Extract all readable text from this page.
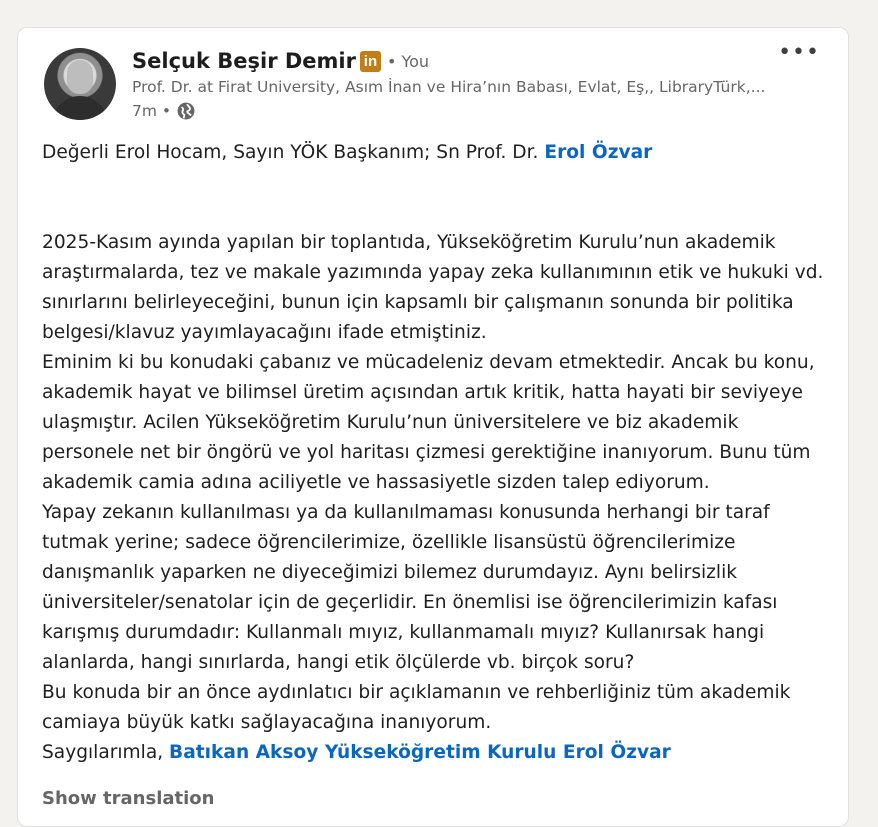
Selçuk Beşir Demir in • You
Prof. Dr. at Firat University, Asım İnan ve Hira’nın Babası, Evlat, Eş,, LibraryTürk,...
7m •
•••

Değerli Erol Hocam, Sayın YÖK Başkanım; Sn Prof. Dr. Erol Özvar

2025-Kasım ayında yapılan bir toplantıda, Yükseköğretim Kurulu’nun akademik araştırmalarda, tez ve makale yazımında yapay zeka kullanımının etik ve hukuki vd. sınırlarını belirleyeceğini, bunun için kapsamlı bir çalışmanın sonunda bir politika belgesi/klavuz yayımlayacağını ifade etmiştiniz.

Eminim ki bu konudaki çabanız ve mücadeleniz devam etmektedir. Ancak bu konu, akademik hayat ve bilimsel üretim açısından artık kritik, hatta hayati bir seviyeye ulaşmıştır. Acilen Yükseköğretim Kurulu’nun üniversitelere ve biz akademik personele net bir öngörü ve yol haritası çizmesi gerektiğine inanıyorum. Bunu tüm akademik camia adına aciliyetle ve hassasiyetle sizden talep ediyorum.

Yapay zekanın kullanılması ya da kullanılmaması konusunda herhangi bir taraf tutmak yerine; sadece öğrencilerimize, özellikle lisansüstü öğrencilerimize danışmanlık yaparken ne diyeceğimizi bilemez durumdayız. Aynı belirsizlik üniversiteler/senatolar için de geçerlidir. En önemlisi ise öğrencilerimizin kafası karışmış durumdadır: Kullanmalı mıyız, kullanmamalı mıyız? Kullanırsak hangi alanlarda, hangi sınırlarda, hangi etik ölçülerde vb. birçok soru?

Bu konuda bir an önce aydınlatıcı bir açıklamanın ve rehberliğiniz tüm akademik camiaya büyük katkı sağlayacağına inanıyorum.

Saygılarımla, Batıkan Aksoy Yükseköğretim Kurulu Erol Özvar

Show translation
